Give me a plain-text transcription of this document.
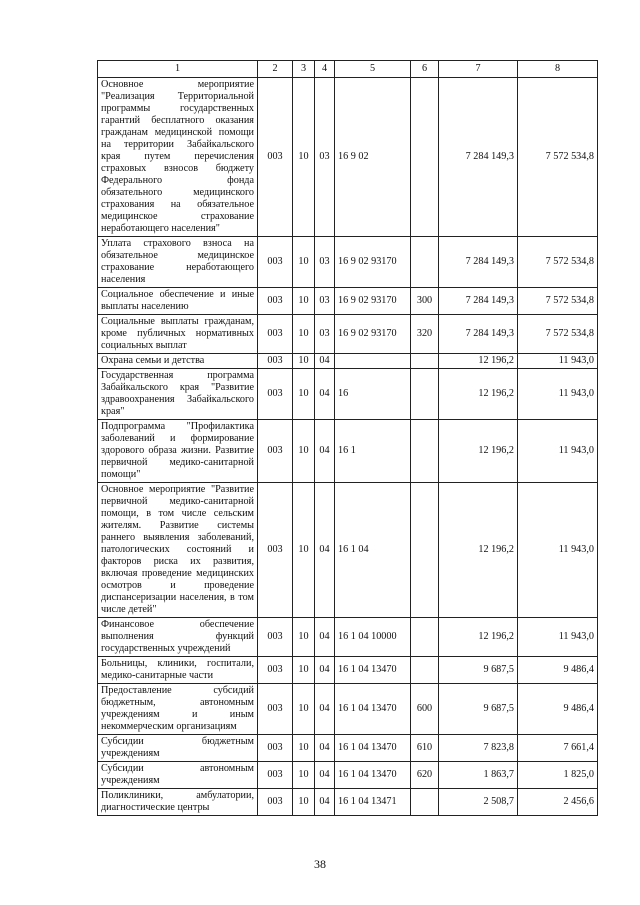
1	2	3	4	5	6	7	8
Основное мероприятие "Реализация Территориальной программы государственных гарантий бесплатного оказания гражданам медицинской помощи на территории Забайкальского края путем перечисления страховых взносов бюджету Федерального фонда обязательного медицинского страхования на обязательное медицинское страхование неработающего населения"	003	10	03	16 9 02		7 284 149,3	7 572 534,8
Уплата страхового взноса на обязательное медицинское страхование неработающего населения	003	10	03	16 9 02 93170		7 284 149,3	7 572 534,8
Социальное обеспечение и иные выплаты населению	003	10	03	16 9 02 93170	300	7 284 149,3	7 572 534,8
Социальные выплаты гражданам, кроме публичных нормативных социальных выплат	003	10	03	16 9 02 93170	320	7 284 149,3	7 572 534,8
Охрана семьи и детства	003	10	04			12 196,2	11 943,0
Государственная программа Забайкальского края "Развитие здравоохранения Забайкальского края"	003	10	04	16		12 196,2	11 943,0
Подпрограмма "Профилактика заболеваний и формирование здорового образа жизни. Развитие первичной медико-санитарной помощи"	003	10	04	16 1		12 196,2	11 943,0
Основное мероприятие "Развитие первичной медико-санитарной помощи, в том числе сельским жителям. Развитие системы раннего выявления заболеваний, патологических состояний и факторов риска их развития, включая проведение медицинских осмотров и проведение диспансеризации населения, в том числе детей"	003	10	04	16 1 04		12 196,2	11 943,0
Финансовое обеспечение выполнения функций государственных учреждений	003	10	04	16 1 04 10000		12 196,2	11 943,0
Больницы, клиники, госпитали, медико-санитарные части	003	10	04	16 1 04 13470		9 687,5	9 486,4
Предоставление субсидий бюджетным, автономным учреждениям и иным некоммерческим организациям	003	10	04	16 1 04 13470	600	9 687,5	9 486,4
Субсидии бюджетным учреждениям	003	10	04	16 1 04 13470	610	7 823,8	7 661,4
Субсидии автономным учреждениям	003	10	04	16 1 04 13470	620	1 863,7	1 825,0
Поликлиники, амбулатории, диагностические центры	003	10	04	16 1 04 13471		2 508,7	2 456,6
38
